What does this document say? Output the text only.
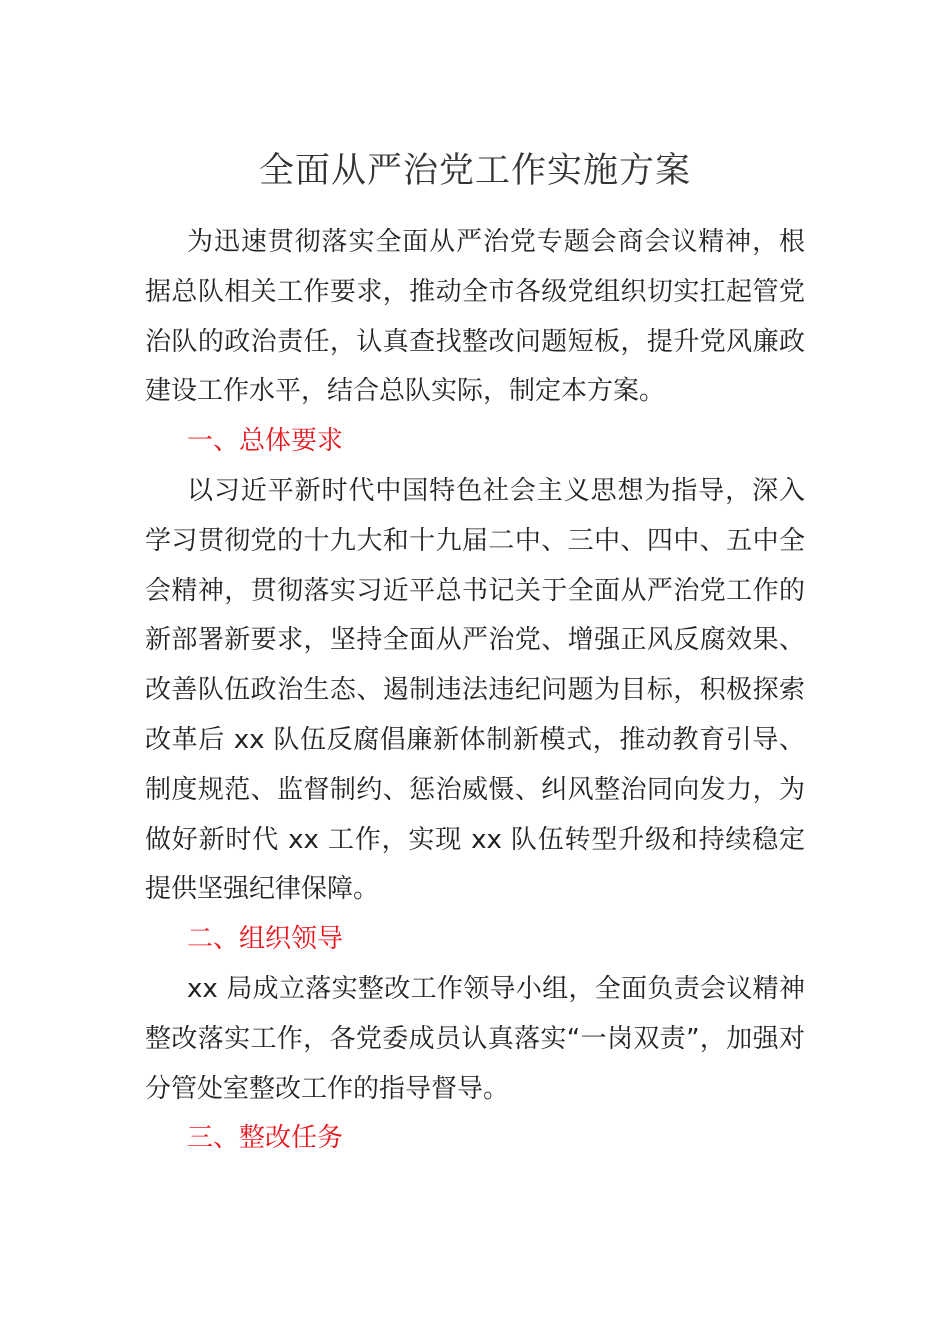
全面从严治党工作实施方案

为迅速贯彻落实全面从严治党专题会商会议精神，根据总队相关工作要求，推动全市各级党组织切实扛起管党治队的政治责任，认真查找整改问题短板，提升党风廉政建设工作水平，结合总队实际，制定本方案。

一、总体要求

以习近平新时代中国特色社会主义思想为指导，深入学习贯彻党的十九大和十九届二中、三中、四中、五中全会精神，贯彻落实习近平总书记关于全面从严治党工作的新部署新要求，坚持全面从严治党、增强正风反腐效果、改善队伍政治生态、遏制违法违纪问题为目标，积极探索改革后 xx 队伍反腐倡廉新体制新模式，推动教育引导、制度规范、监督制约、惩治威慑、纠风整治同向发力，为做好新时代 xx 工作，实现 xx 队伍转型升级和持续稳定提供坚强纪律保障。

二、组织领导

xx 局成立落实整改工作领导小组，全面负责会议精神整改落实工作，各党委成员认真落实“一岗双责”，加强对分管处室整改工作的指导督导。

三、整改任务
